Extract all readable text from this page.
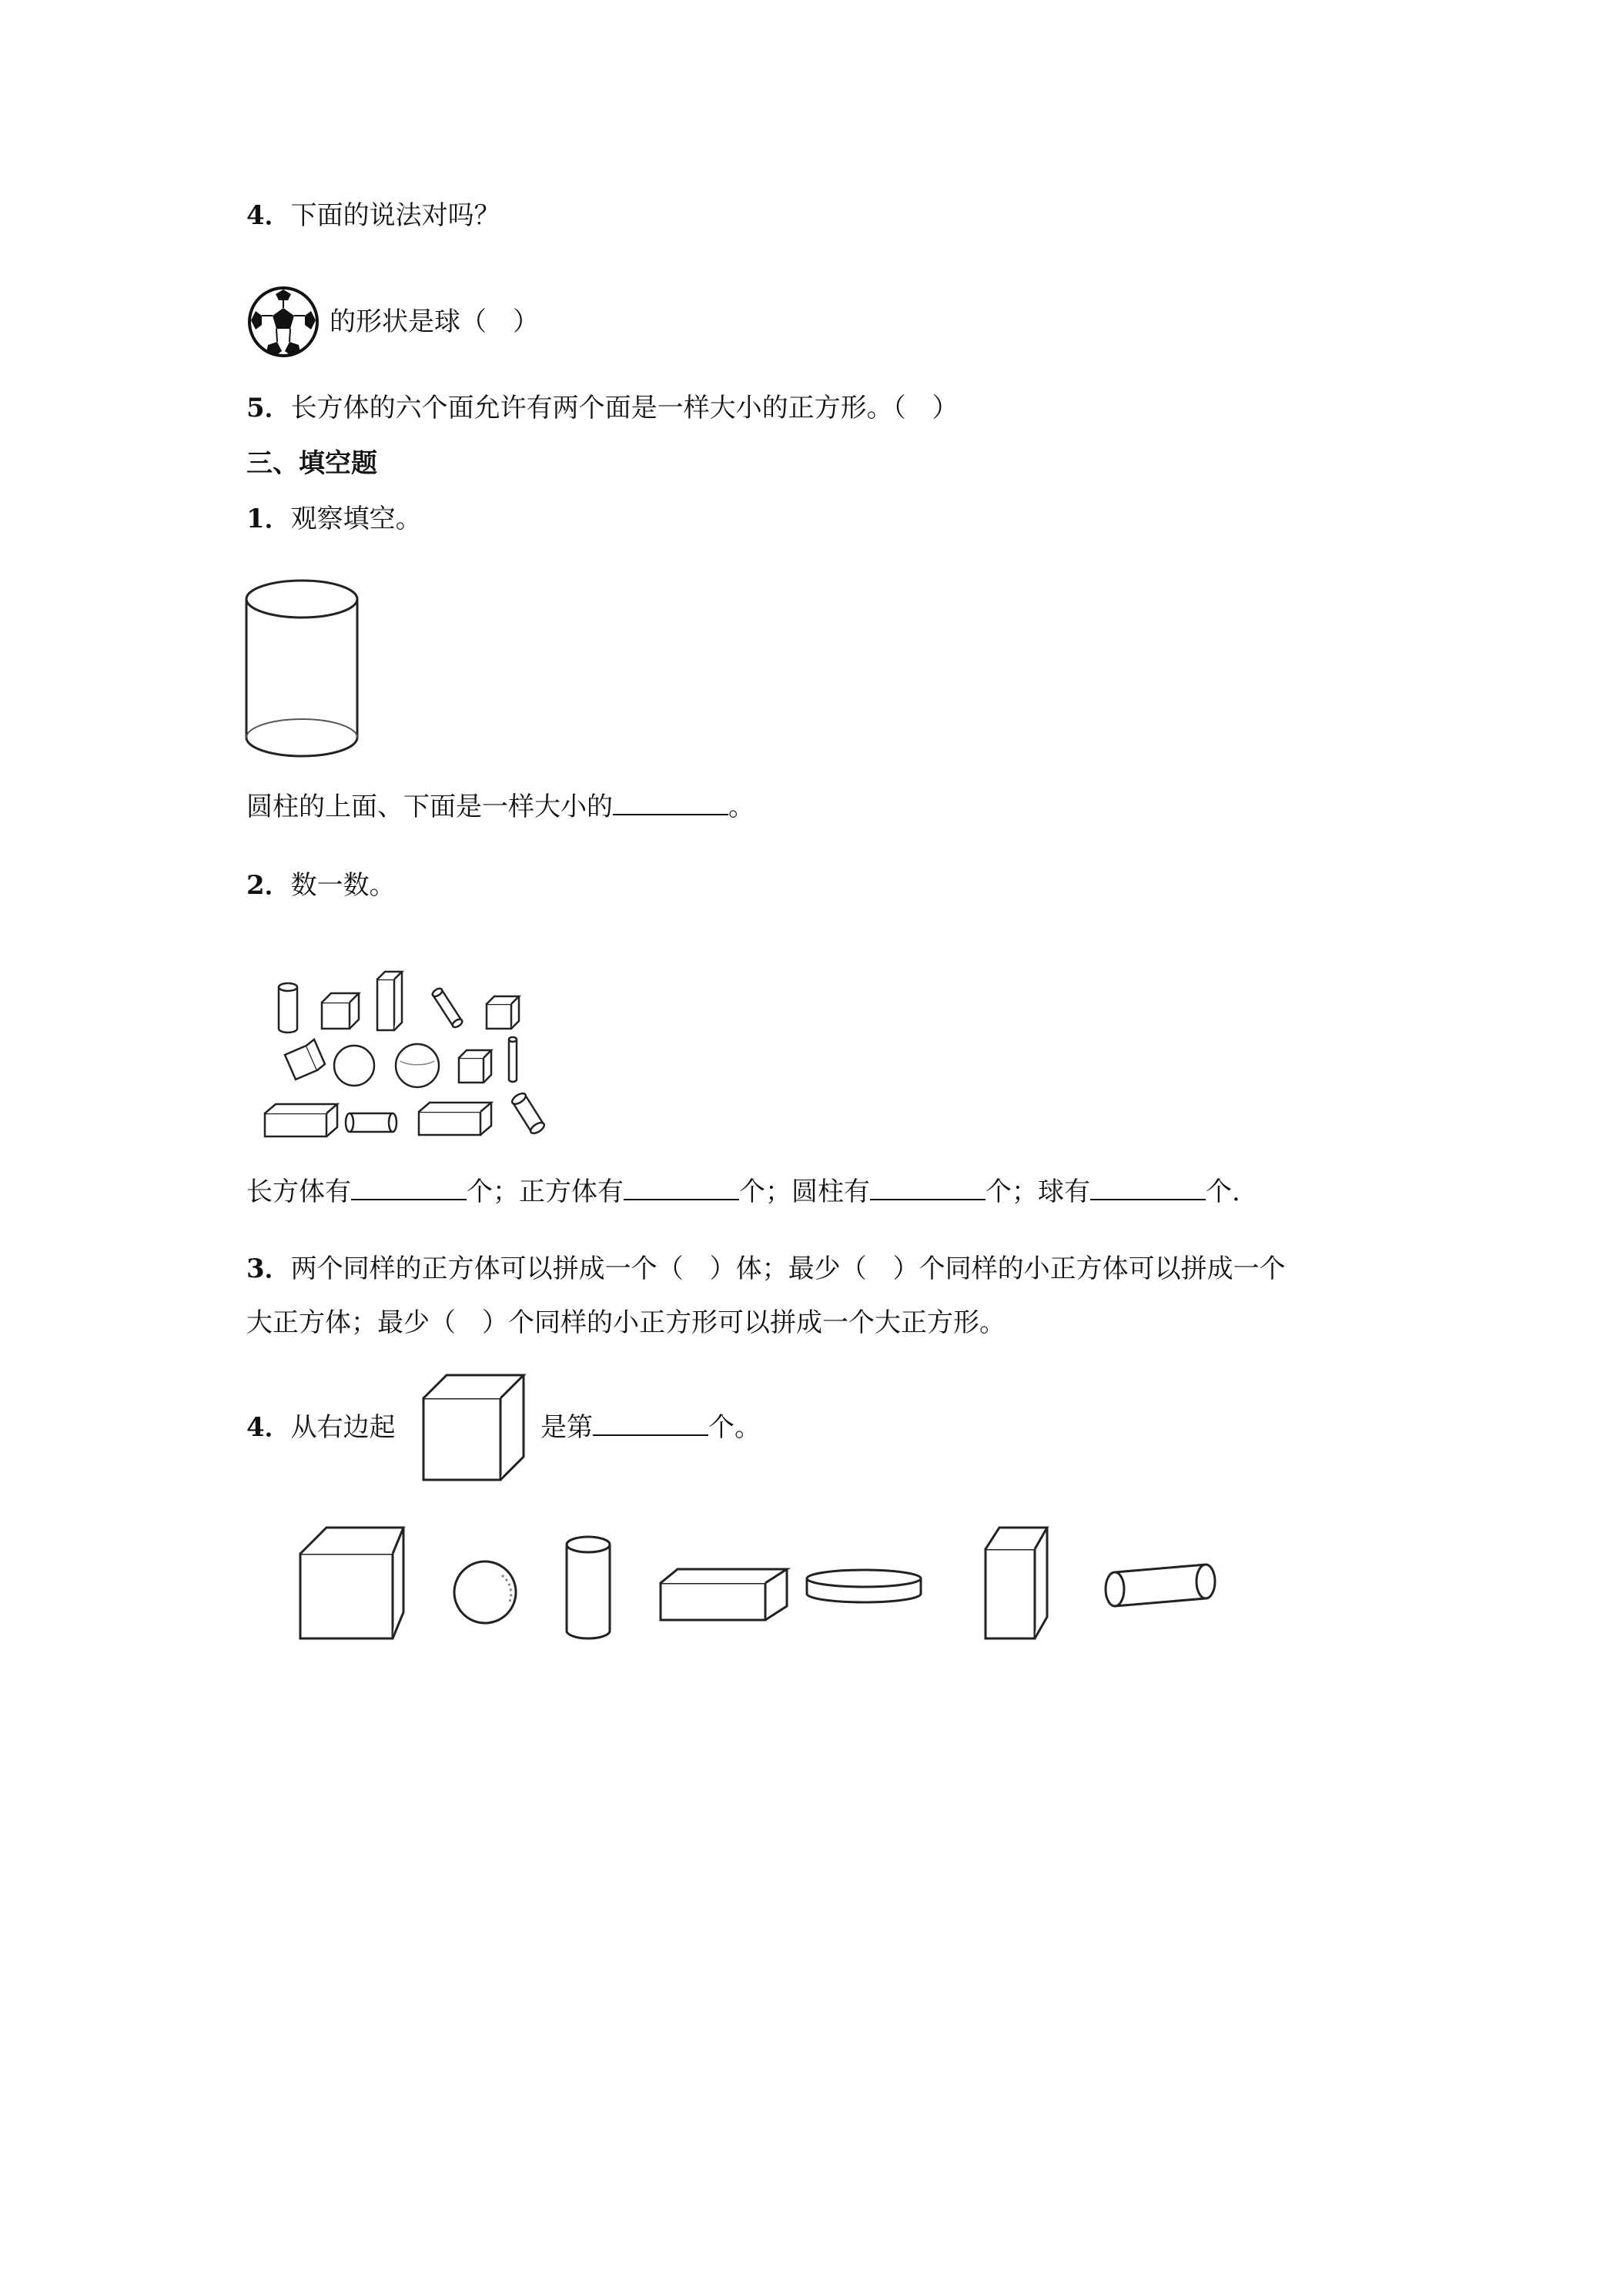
4．下面的说法对吗？
的形状是球（　）
5．长方体的六个面允许有两个面是一样大小的正方形。（　）
三、填空题
1．观察填空。
圆柱的上面、下面是一样大小的	。
2．数一数。
长方体有	个；正方体有	个；圆柱有	个；球有	个.
3．两个同样的正方体可以拼成一个（　）体；最少（　）个同样的小正方体可以拼成一个
大正方体；最少（　）个同样的小正方形可以拼成一个大正方形。
4．从右边起	是第	个。
